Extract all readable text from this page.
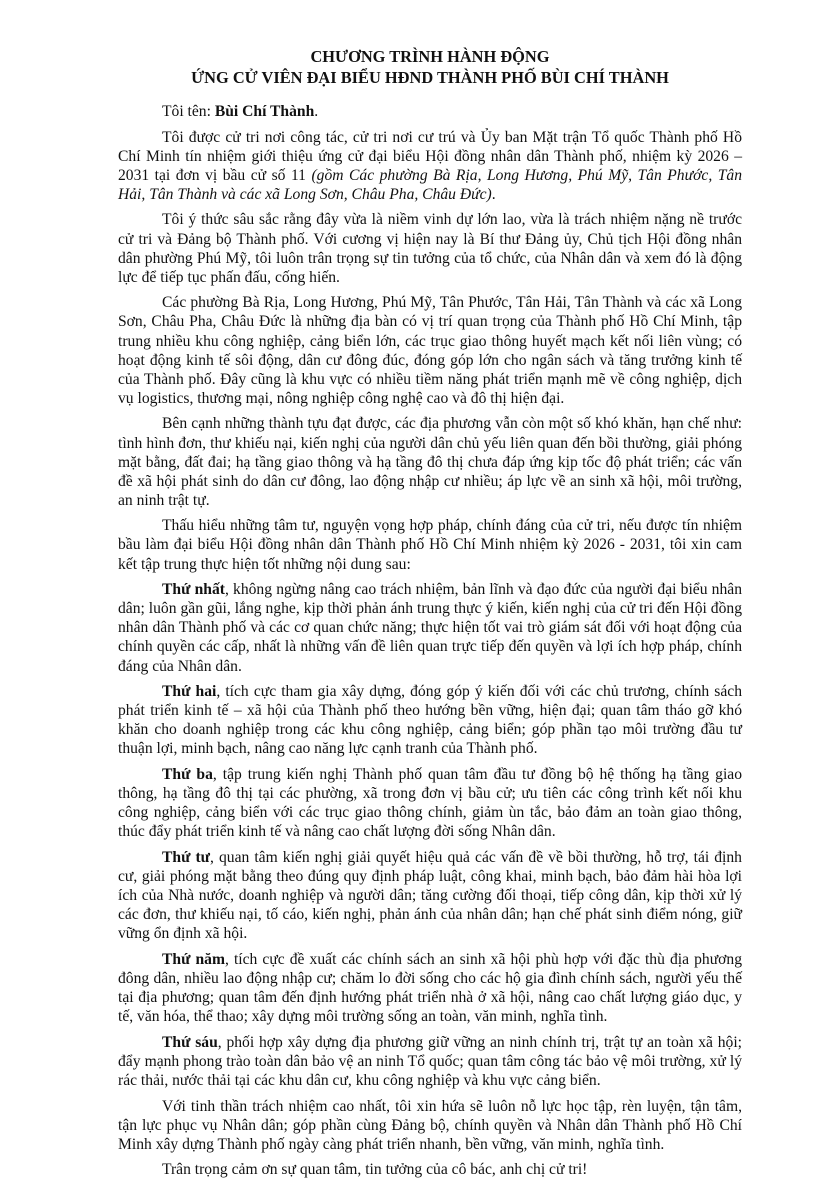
CHƯƠNG TRÌNH HÀNH ĐỘNG
ỨNG CỬ VIÊN ĐẠI BIỂU HĐND THÀNH PHỐ BÙI CHÍ THÀNH

Tôi tên: Bùi Chí Thành.

Tôi được cử tri nơi công tác, cử tri nơi cư trú và Ủy ban Mặt trận Tổ quốc Thành phố Hồ Chí Minh tín nhiệm giới thiệu ứng cử đại biểu Hội đồng nhân dân Thành phố, nhiệm kỳ 2026 – 2031 tại đơn vị bầu cử số 11 (gồm Các phường Bà Rịa, Long Hương, Phú Mỹ, Tân Phước, Tân Hải, Tân Thành và các xã Long Sơn, Châu Pha, Châu Đức).

Tôi ý thức sâu sắc rằng đây vừa là niềm vinh dự lớn lao, vừa là trách nhiệm nặng nề trước cử tri và Đảng bộ Thành phố. Với cương vị hiện nay là Bí thư Đảng ủy, Chủ tịch Hội đồng nhân dân phường Phú Mỹ, tôi luôn trân trọng sự tin tưởng của tổ chức, của Nhân dân và xem đó là động lực để tiếp tục phấn đấu, cống hiến.

Các phường Bà Rịa, Long Hương, Phú Mỹ, Tân Phước, Tân Hải, Tân Thành và các xã Long Sơn, Châu Pha, Châu Đức là những địa bàn có vị trí quan trọng của Thành phố Hồ Chí Minh, tập trung nhiều khu công nghiệp, cảng biển lớn, các trục giao thông huyết mạch kết nối liên vùng; có hoạt động kinh tế sôi động, dân cư đông đúc, đóng góp lớn cho ngân sách và tăng trưởng kinh tế của Thành phố. Đây cũng là khu vực có nhiều tiềm năng phát triển mạnh mẽ về công nghiệp, dịch vụ logistics, thương mại, nông nghiệp công nghệ cao và đô thị hiện đại.

Bên cạnh những thành tựu đạt được, các địa phương vẫn còn một số khó khăn, hạn chế như: tình hình đơn, thư khiếu nại, kiến nghị của người dân chủ yếu liên quan đến bồi thường, giải phóng mặt bằng, đất đai; hạ tầng giao thông và hạ tầng đô thị chưa đáp ứng kịp tốc độ phát triển; các vấn đề xã hội phát sinh do dân cư đông, lao động nhập cư nhiều; áp lực về an sinh xã hội, môi trường, an ninh trật tự.

Thấu hiểu những tâm tư, nguyện vọng hợp pháp, chính đáng của cử tri, nếu được tín nhiệm bầu làm đại biểu Hội đồng nhân dân Thành phố Hồ Chí Minh nhiệm kỳ 2026 - 2031, tôi xin cam kết tập trung thực hiện tốt những nội dung sau:

Thứ nhất, không ngừng nâng cao trách nhiệm, bản lĩnh và đạo đức của người đại biểu nhân dân; luôn gần gũi, lắng nghe, kịp thời phản ánh trung thực ý kiến, kiến nghị của cử tri đến Hội đồng nhân dân Thành phố và các cơ quan chức năng; thực hiện tốt vai trò giám sát đối với hoạt động của chính quyền các cấp, nhất là những vấn đề liên quan trực tiếp đến quyền và lợi ích hợp pháp, chính đáng của Nhân dân.

Thứ hai, tích cực tham gia xây dựng, đóng góp ý kiến đối với các chủ trương, chính sách phát triển kinh tế – xã hội của Thành phố theo hướng bền vững, hiện đại; quan tâm tháo gỡ khó khăn cho doanh nghiệp trong các khu công nghiệp, cảng biển; góp phần tạo môi trường đầu tư thuận lợi, minh bạch, nâng cao năng lực cạnh tranh của Thành phố.

Thứ ba, tập trung kiến nghị Thành phố quan tâm đầu tư đồng bộ hệ thống hạ tầng giao thông, hạ tầng đô thị tại các phường, xã trong đơn vị bầu cử; ưu tiên các công trình kết nối khu công nghiệp, cảng biển với các trục giao thông chính, giảm ùn tắc, bảo đảm an toàn giao thông, thúc đẩy phát triển kinh tế và nâng cao chất lượng đời sống Nhân dân.

Thứ tư, quan tâm kiến nghị giải quyết hiệu quả các vấn đề về bồi thường, hỗ trợ, tái định cư, giải phóng mặt bằng theo đúng quy định pháp luật, công khai, minh bạch, bảo đảm hài hòa lợi ích của Nhà nước, doanh nghiệp và người dân; tăng cường đối thoại, tiếp công dân, kịp thời xử lý các đơn, thư khiếu nại, tố cáo, kiến nghị, phản ánh của nhân dân; hạn chế phát sinh điểm nóng, giữ vững ổn định xã hội.

Thứ năm, tích cực đề xuất các chính sách an sinh xã hội phù hợp với đặc thù địa phương đông dân, nhiều lao động nhập cư; chăm lo đời sống cho các hộ gia đình chính sách, người yếu thế tại địa phương; quan tâm đến định hướng phát triển nhà ở xã hội, nâng cao chất lượng giáo dục, y tế, văn hóa, thể thao; xây dựng môi trường sống an toàn, văn minh, nghĩa tình.

Thứ sáu, phối hợp xây dựng địa phương giữ vững an ninh chính trị, trật tự an toàn xã hội; đẩy mạnh phong trào toàn dân bảo vệ an ninh Tổ quốc; quan tâm công tác bảo vệ môi trường, xử lý rác thải, nước thải tại các khu dân cư, khu công nghiệp và khu vực cảng biển.

Với tinh thần trách nhiệm cao nhất, tôi xin hứa sẽ luôn nỗ lực học tập, rèn luyện, tận tâm, tận lực phục vụ Nhân dân; góp phần cùng Đảng bộ, chính quyền và Nhân dân Thành phố Hồ Chí Minh xây dựng Thành phố ngày càng phát triển nhanh, bền vững, văn minh, nghĩa tình.

Trân trọng cảm ơn sự quan tâm, tin tưởng của cô bác, anh chị cử tri!
